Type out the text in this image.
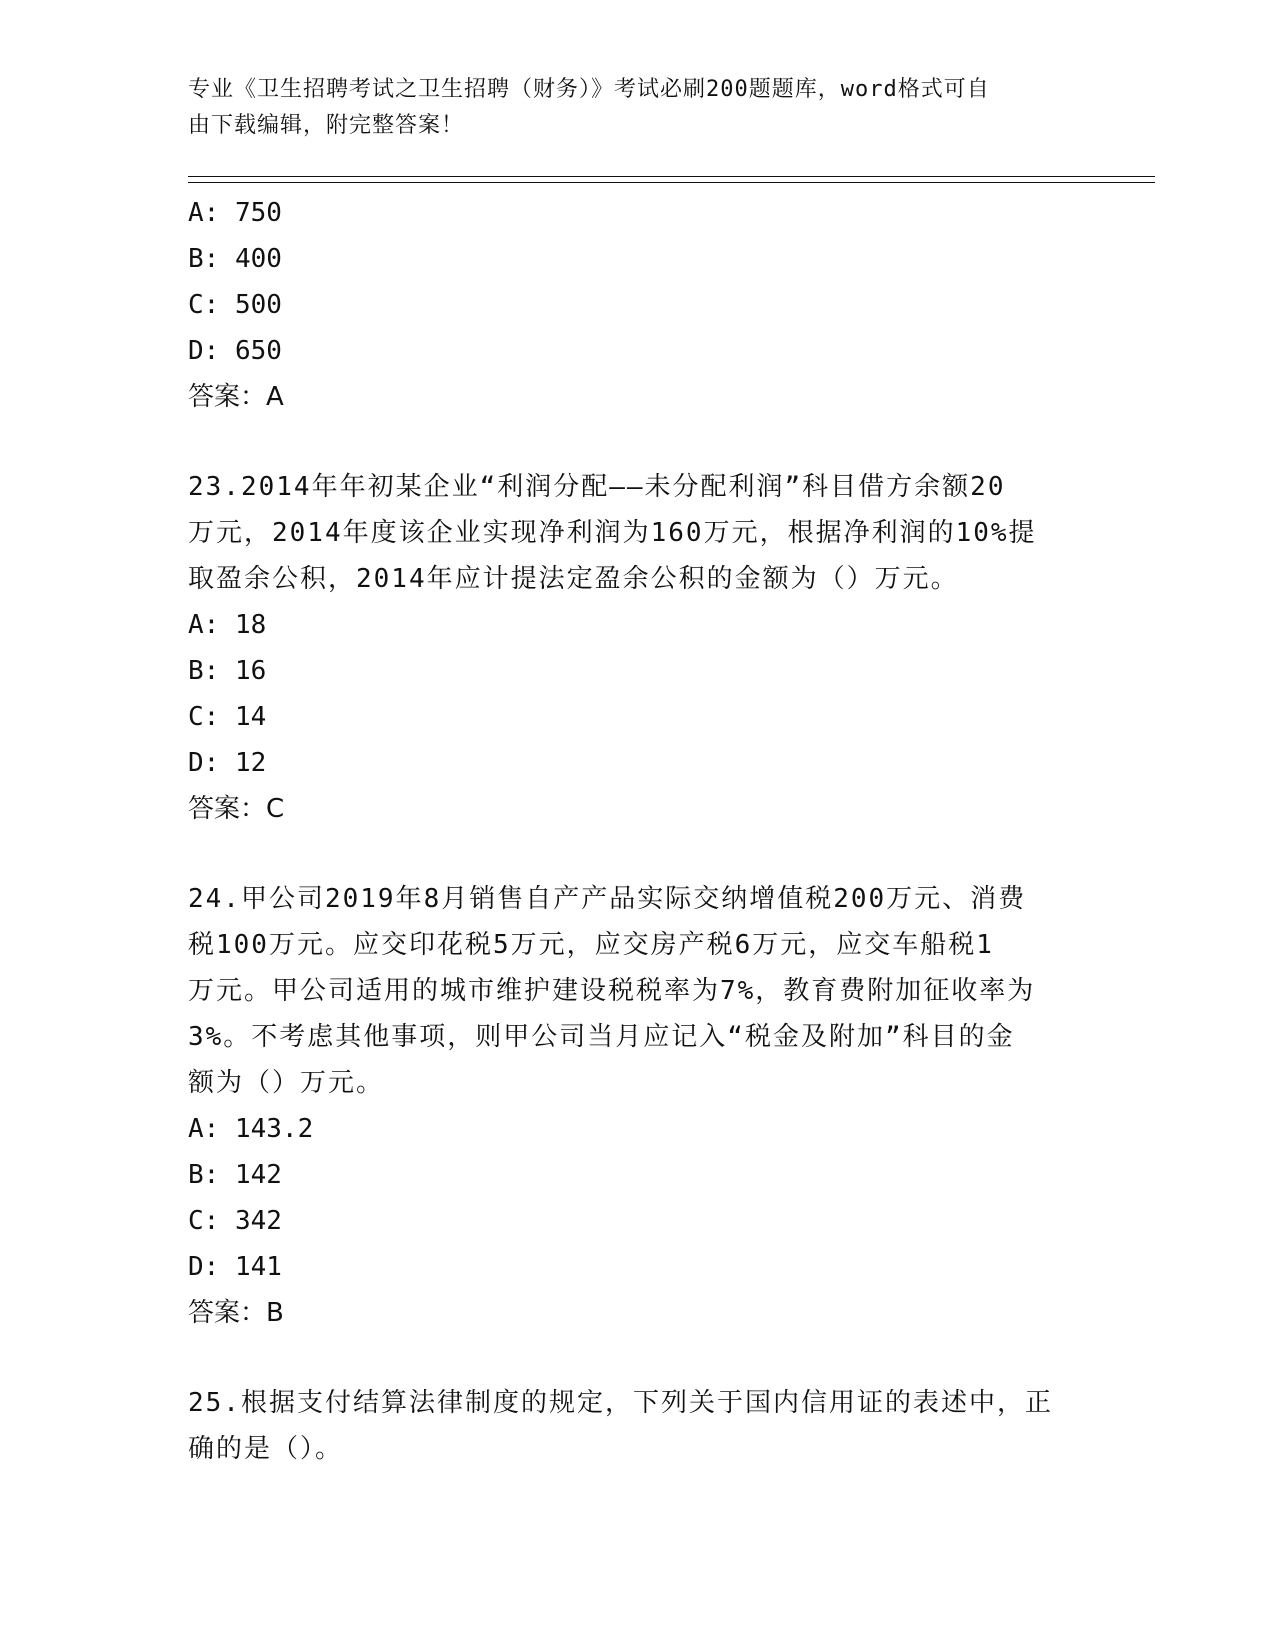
专业《卫生招聘考试之卫生招聘（财务）》考试必刷200题题库，word格式可自
由下载编辑，附完整答案！
A: 750
B: 400
C: 500
D: 650
答案：A
23.2014年年初某企业“利润分配——未分配利润”科目借方余额20
万元，2014年度该企业实现净利润为160万元，根据净利润的10%提
取盈余公积，2014年应计提法定盈余公积的金额为（）万元。
A: 18
B: 16
C: 14
D: 12
答案：C
24.甲公司2019年8月销售自产产品实际交纳增值税200万元、消费
税100万元。应交印花税5万元，应交房产税6万元，应交车船税1
万元。甲公司适用的城市维护建设税税率为7%，教育费附加征收率为
3%。不考虑其他事项，则甲公司当月应记入“税金及附加”科目的金
额为（）万元。
A: 143.2
B: 142
C: 342
D: 141
答案：B
25.根据支付结算法律制度的规定，下列关于国内信用证的表述中，正
确的是（）。
